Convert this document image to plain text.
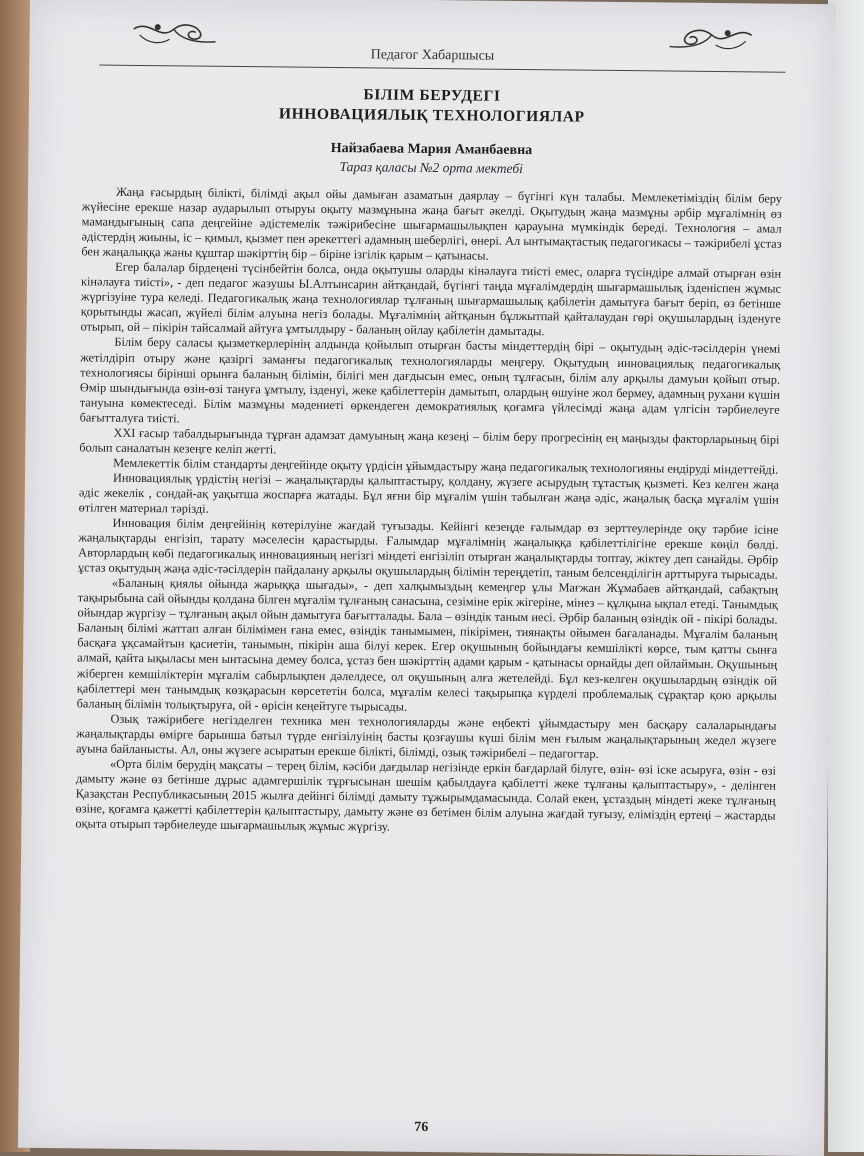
Педагог Хабаршысы
БІЛІМ БЕРУДЕГІ
ИННОВАЦИЯЛЫҚ ТЕХНОЛОГИЯЛАР
Найзабаева Мария Аманбаевна
Тараз қаласы №2 орта мектебі

Жаңа ғасырдың білікті, білімді ақыл ойы дамыған азаматын даярлау – бүгінгі күн талабы. Мемлекетіміздің білім беру жүйесіне ерекше назар аударылып отыруы оқыту мазмұнына жаңа бағыт әкелді. Оқытудың жаңа мазмұны әрбір мұғалімнің өз мамандығының сапа деңгейіне әдістемелік тәжірибесіне шығармашылықпен қарауына мүмкіндік береді. Технология – амал әдістердің жиыны, іс – қимыл, қызмет пен әрекеттегі адамның шеберлігі, өнері. Ал ынтымақтастық педагогикасы – тәжірибелі ұстаз бен жаңалыққа жаны құштар шәкірттің бір – біріне ізгілік қарым – қатынасы.

Егер балалар бірдеңені түсінбейтін болса, онда оқытушы оларды кінәлауға тиісті емес, оларға түсіндіре алмай отырған өзін кінәлауға тиісті», - деп педагог жазушы Ы.Алтынсарин айтқандай, бүгінгі таңда мұғалімдердің шығармашылық ізденіспен жұмыс жүргізуіне тура келеді. Педагогикалық жаңа технологиялар тұлғаның шығармашылық қабілетін дамытуға бағыт беріп, өз бетінше қорытынды жасап, жүйелі білім алуына негіз болады. Мұғалімнің айтқанын бұлжытпай қайталаудан гөрі оқушылардың ізденуге отырып, ой – пікірін тайсалмай айтуға ұмтылдыру - баланың ойлау қабілетін дамытады.

Білім беру саласы қызметкерлерінің алдында қойылып отырған басты міндеттердің бірі – оқытудың әдіс-тәсілдерін үнемі жетілдіріп отыру және қазіргі заманғы педагогикалық технологияларды меңгеру. Оқытудың инновациялық педагогикалық технологиясы бірінші орынға баланың білімін, білігі мен дағдысын емес, оның тұлғасын, білім алу арқылы дамуын қойып отыр. Өмір шындығында өзін-өзі тануға ұмтылу, ізденуі, жеке қабілеттерін дамытып, олардың өшуіне жол бермеу, адамның рухани күшін тануына көмектеседі. Білім мазмұны мәдениеті өркендеген демократиялық қоғамға үйлесімді жаңа адам үлгісін тәрбиелеуге бағытталуға тиісті.

XXI ғасыр табалдырығында тұрған адамзат дамуының жаңа кезеңі – білім беру прогресінің ең маңызды факторларының бірі болып саналатын кезеңге келіп жетті.

Мемлекеттік білім стандарты деңгейінде оқыту үрдісін ұйымдастыру жаңа педагогикалық технологияны ендіруді міндеттейді.

Инновациялық үрдістің негізі – жаңалықтарды қалыптастыру, қолдану, жүзеге асырудың тұтастық қызметі. Кез келген жаңа әдіс жекелік , сондай-ақ уақытша жоспарға жатады. Бұл яғни бір мұғалім үшін табылған жаңа әдіс, жаңалық басқа мұғалім үшін өтілген материал тәрізді.

Инновация білім деңгейінің көтерілуіне жағдай туғызады. Кейінгі кезеңде ғалымдар өз зерттеулерінде оқу тәрбие ісіне жаңалықтарды енгізіп, тарату мәселесін қарастырды. Ғалымдар мұғалімнің жаңалыққа қабілеттілігіне ерекше көңіл бөлді. Авторлардың көбі педагогикалық инновацияның негізгі міндеті енгізіліп отырған жаңалықтарды топтау, жіктеу деп санайды. Әрбір ұстаз оқытудың жаңа әдіс-тәсілдерін пайдалану арқылы оқушылардың білімін тереңдетіп, таным белсенділігін арттыруға тырысады.

«Баланың қиялы ойында жарыққа шығады», - деп халқымыздың кемеңгер ұлы Мағжан Жұмабаев айтқандай, сабақтың тақырыбына сай ойынды қолдана білген мұғалім тұлғаның санасына, сезіміне ерік жігеріне, мінез – құлқына ықпал етеді. Танымдық ойындар жүргізу – тұлғаның ақыл ойын дамытуға бағытталады. Бала – өзіндік таным иесі. Әрбір баланың өзіндік ой - пікірі болады. Баланың білімі жаттап алған білімімен ғана емес, өзіндік танымымен, пікірімен, тиянақты ойымен бағаланады. Мұғалім баланың басқаға ұқсамайтын қасиетін, танымын, пікірін аша білуі керек. Егер оқушының бойындағы кемшілікті көрсе, тым қатты сынға алмай, қайта ықыласы мен ынтасына демеу болса, ұстаз бен шәкірттің адами қарым - қатынасы орнайды деп ойлаймын. Оқушының жіберген кемшіліктерін мұғалім сабырлықпен дәлелдесе, ол оқушының алға жетелейді. Бұл кез-келген оқушылардың өзіндік ой қабілеттері мен танымдық көзқарасын көрсететін болса, мұғалім келесі тақырыпқа күрделі проблемалық сұрақтар қою арқылы баланың білімін толықтыруға, ой - өрісін кеңейтуге тырысады.

Озық тәжірибеге негізделген техника мен технологияларды және еңбекті ұйымдастыру мен басқару салаларындағы жаңалықтарды өмірге барынша батыл түрде енгізілуінің басты қозғаушы күші білім мен ғылым жаңалықтарының жедел жүзеге ауына байланысты. Ал, оны жүзеге асыратын ерекше білікті, білімді, озық тәжірибелі – педагогтар.

«Орта білім берудің мақсаты – терең білім, кәсіби дағдылар негізінде еркін бағдарлай білуге, өзін- өзі іске асыруға, өзін - өзі дамыту және өз бетінше дұрыс адамгершілік тұрғысынан шешім қабылдауға қабілетті жеке тұлғаны қалыптастыру», - делінген Қазақстан Республикасының 2015 жылға дейінгі білімді дамыту тұжырымдамасында. Солай екен, ұстаздың міндеті жеке тұлғаның өзіне, қоғамға қажетті қабілеттерін қалыптастыру, дамыту және өз бетімен білім алуына жағдай туғызу, еліміздің ертеңі – жастарды оқыта отырып тәрбиелеуде шығармашылық жұмыс жүргізу.

76
